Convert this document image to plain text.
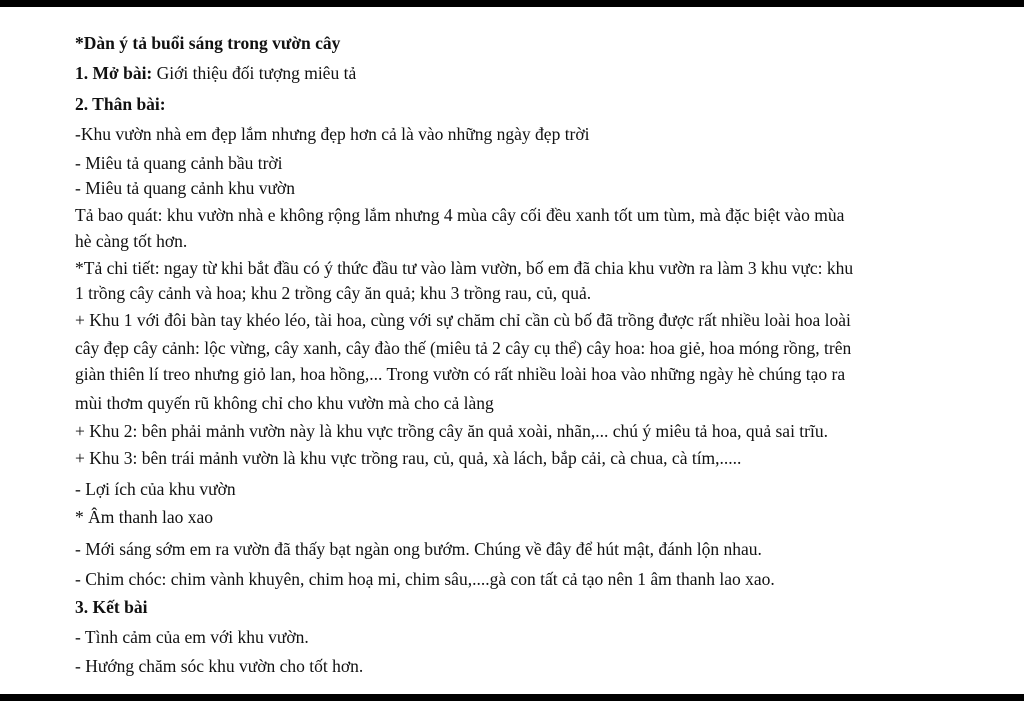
*Dàn ý tả buổi sáng trong vườn cây
1. Mở bài: Giới thiệu đối tượng miêu tả
2. Thân bài:
-Khu vườn nhà em đẹp lắm nhưng đẹp hơn cả là vào những ngày đẹp trời
- Miêu tả quang cảnh bầu trời
- Miêu tả quang cảnh khu vườn
Tả bao quát: khu vườn nhà e không rộng lắm nhưng 4 mùa cây cối đều xanh tốt um tùm, mà đặc biệt vào mùa
hè càng tốt hơn.
*Tả chi tiết: ngay từ khi bắt đầu có ý thức đầu tư vào làm vườn, bố em đã chia khu vườn ra làm 3 khu vực: khu
1 trồng cây cảnh và hoa; khu 2 trồng cây ăn quả; khu 3 trồng rau, củ, quả.
+ Khu 1 với đôi bàn tay khéo léo, tài hoa, cùng với sự chăm chỉ cần cù bố đã trồng được rất nhiều loài hoa loài
cây đẹp cây cảnh: lộc vừng, cây xanh, cây đào thế (miêu tả 2 cây cụ thể) cây hoa: hoa giẻ, hoa móng rồng, trên
giàn thiên lí treo nhưng giỏ lan, hoa hồng,... Trong vườn có rất nhiều loài hoa vào những ngày hè chúng tạo ra
mùi thơm quyến rũ không chỉ cho khu vườn mà cho cả làng
+ Khu 2: bên phải mảnh vườn này là khu vực trồng cây ăn quả xoài, nhãn,... chú ý miêu tả hoa, quả sai trĩu.
+ Khu 3: bên trái mảnh vườn là khu vực trồng rau, củ, quả, xà lách, bắp cải, cà chua, cà tím,.....
- Lợi ích của khu vườn
* Âm thanh lao xao
- Mới sáng sớm em ra vườn đã thấy bạt ngàn ong bướm. Chúng về đây để hút mật, đánh lộn nhau.
- Chim chóc: chim vành khuyên, chim hoạ mi, chim sâu,....gà con tất cả tạo nên 1 âm thanh lao xao.
3. Kết bài
- Tình cảm của em với khu vườn.
- Hướng chăm sóc khu vườn cho tốt hơn.
